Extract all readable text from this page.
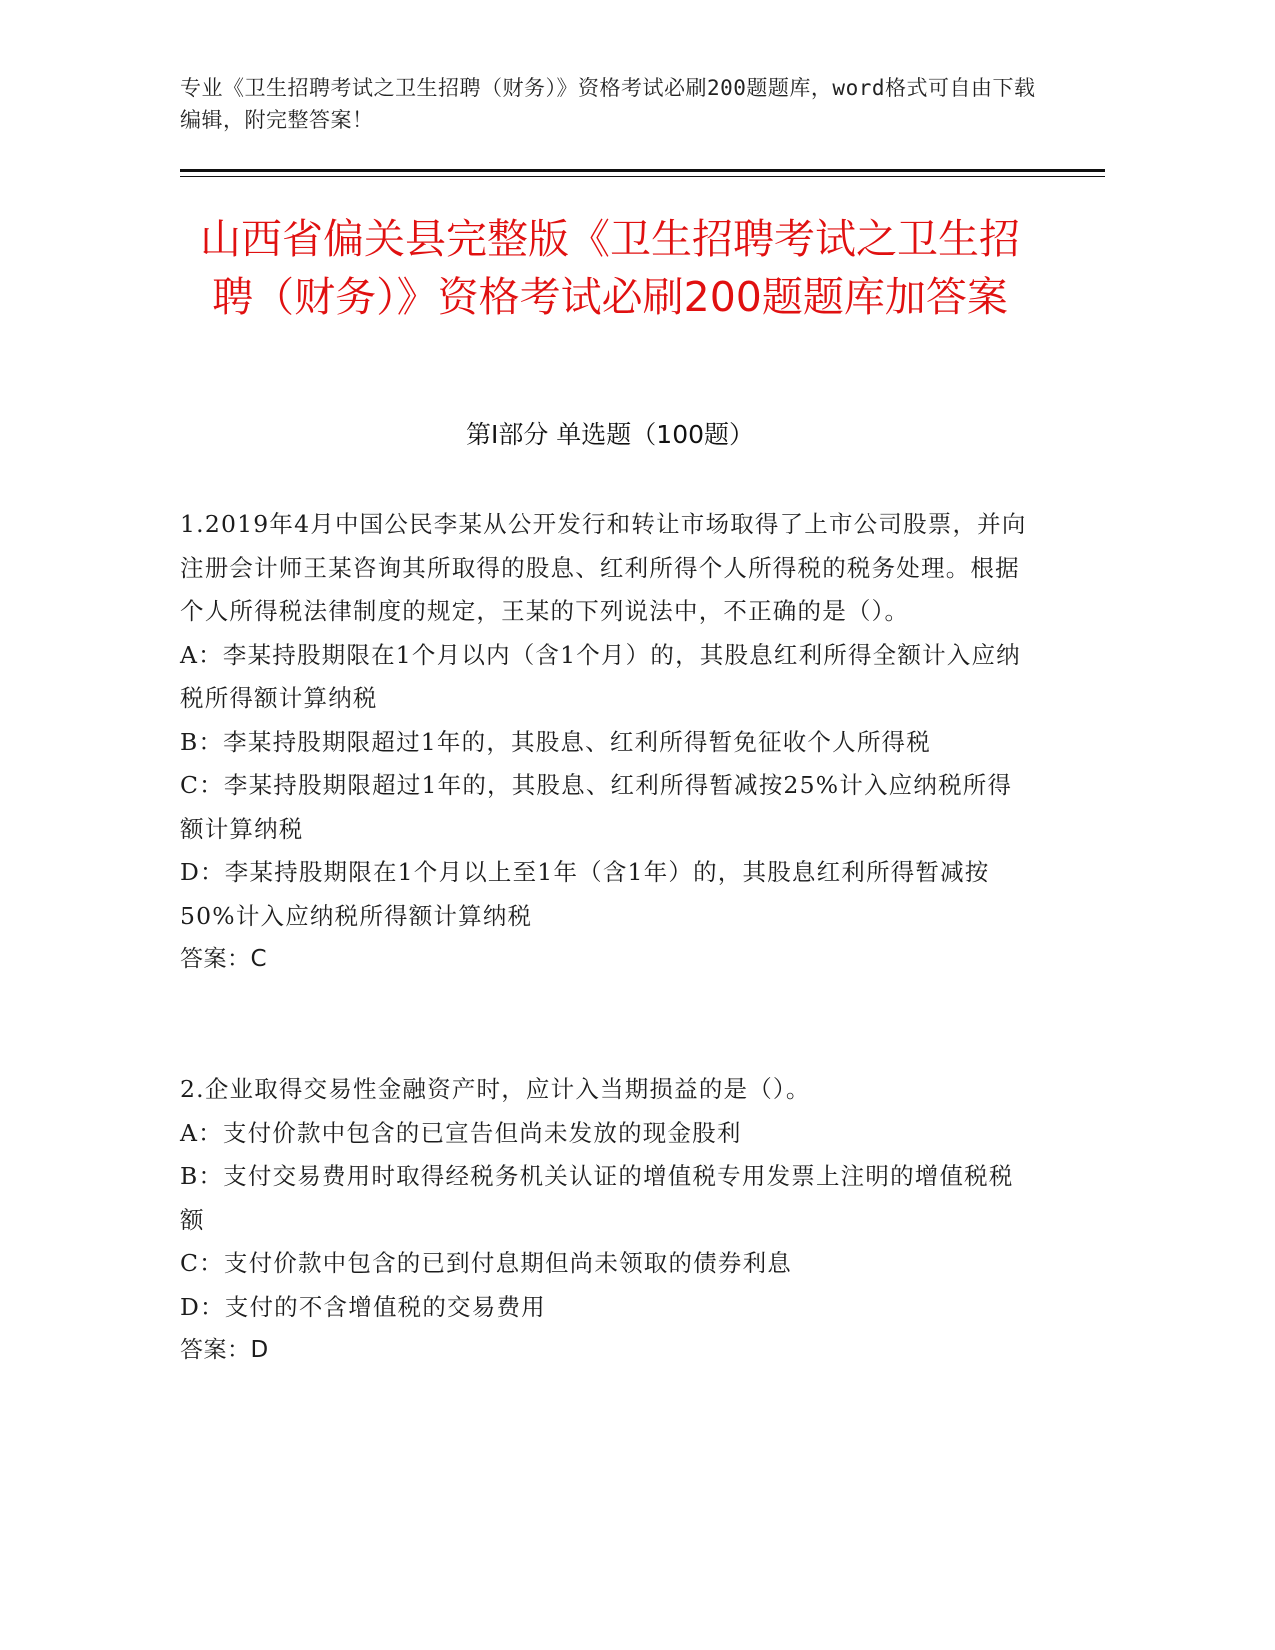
专业《卫生招聘考试之卫生招聘（财务）》资格考试必刷200题题库，word格式可自由下载编辑，附完整答案！
山西省偏关县完整版《卫生招聘考试之卫生招聘（财务）》资格考试必刷200题题库加答案
第Ⅰ部分 单选题（100题）

1.2019年4月中国公民李某从公开发行和转让市场取得了上市公司股票，并向注册会计师王某咨询其所取得的股息、红利所得个人所得税的税务处理。根据个人所得税法律制度的规定，王某的下列说法中，不正确的是（）。

A：李某持股期限在1个月以内（含1个月）的，其股息红利所得全额计入应纳税所得额计算纳税

B：李某持股期限超过1年的，其股息、红利所得暂免征收个人所得税

C：李某持股期限超过1年的，其股息、红利所得暂减按25%计入应纳税所得额计算纳税

D：李某持股期限在1个月以上至1年（含1年）的，其股息红利所得暂减按50%计入应纳税所得额计算纳税

答案：C

2.企业取得交易性金融资产时，应计入当期损益的是（）。

A：支付价款中包含的已宣告但尚未发放的现金股利

B：支付交易费用时取得经税务机关认证的增值税专用发票上注明的增值税税额

C：支付价款中包含的已到付息期但尚未领取的债券利息

D：支付的不含增值税的交易费用

答案：D
